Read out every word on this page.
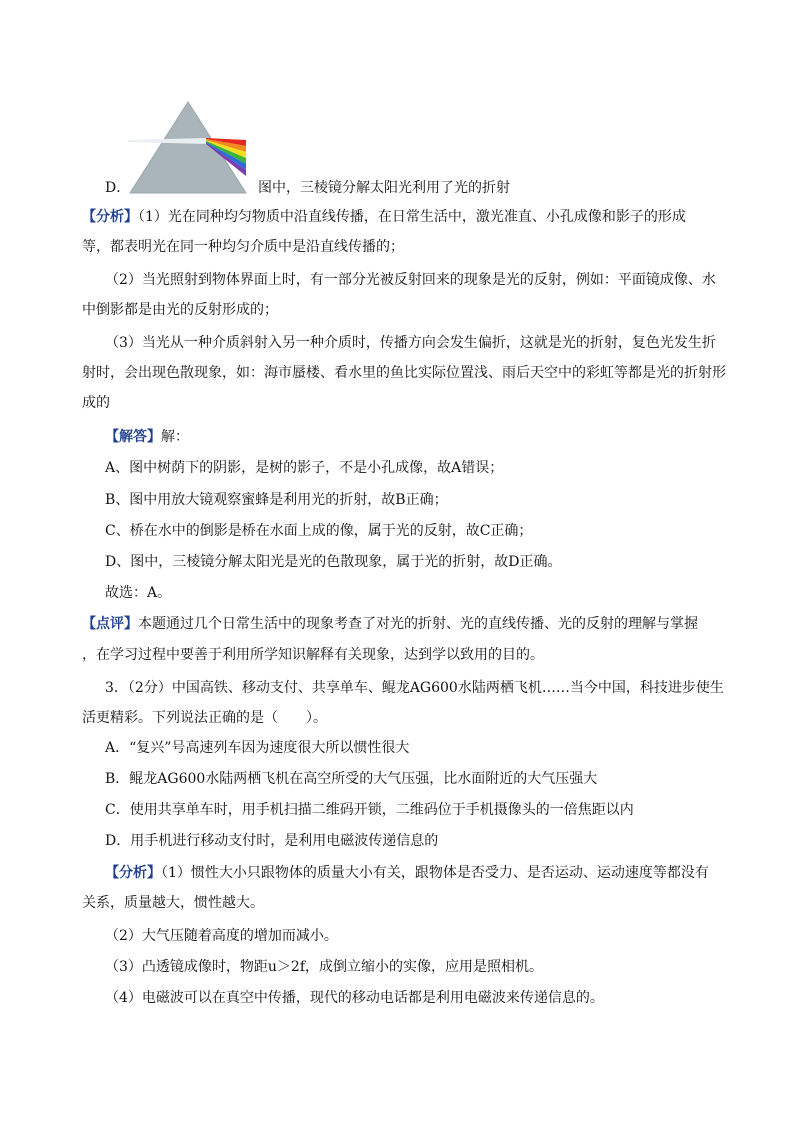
D．	图中，三棱镜分解太阳光利用了光的折射
【分析】（1）光在同种均匀物质中沿直线传播，在日常生活中，激光准直、小孔成像和影子的形成
等，都表明光在同一种均匀介质中是沿直线传播的；
（2）当光照射到物体界面上时，有一部分光被反射回来的现象是光的反射，例如：平面镜成像、水
中倒影都是由光的反射形成的；
（3）当光从一种介质斜射入另一种介质时，传播方向会发生偏折，这就是光的折射，复色光发生折
射时，会出现色散现象，如：海市蜃楼、看水里的鱼比实际位置浅、雨后天空中的彩虹等都是光的折射形
成的
【解答】解：
A、图中树荫下的阴影，是树的影子，不是小孔成像，故A错误；
B、图中用放大镜观察蜜蜂是利用光的折射，故B正确；
C、桥在水中的倒影是桥在水面上成的像，属于光的反射，故C正确；
D、图中，三棱镜分解太阳光是光的色散现象，属于光的折射，故D正确。
故选：A。
【点评】本题通过几个日常生活中的现象考查了对光的折射、光的直线传播、光的反射的理解与掌握
，在学习过程中要善于利用所学知识解释有关现象，达到学以致用的目的。
3．（2分）中国高铁、移动支付、共享单车、鲲龙AG600水陆两栖飞机……当今中国，科技进步使生
活更精彩。下列说法正确的是（　　）。
A．“复兴”号高速列车因为速度很大所以惯性很大
B．鲲龙AG600水陆两栖飞机在高空所受的大气压强，比水面附近的大气压强大
C．使用共享单车时，用手机扫描二维码开锁，二维码位于手机摄像头的一倍焦距以内
D．用手机进行移动支付时，是利用电磁波传递信息的
【分析】（1）惯性大小只跟物体的质量大小有关，跟物体是否受力、是否运动、运动速度等都没有
关系，质量越大，惯性越大。
（2）大气压随着高度的增加而减小。
（3）凸透镜成像时，物距u＞2f，成倒立缩小的实像，应用是照相机。
（4）电磁波可以在真空中传播，现代的移动电话都是利用电磁波来传递信息的。
